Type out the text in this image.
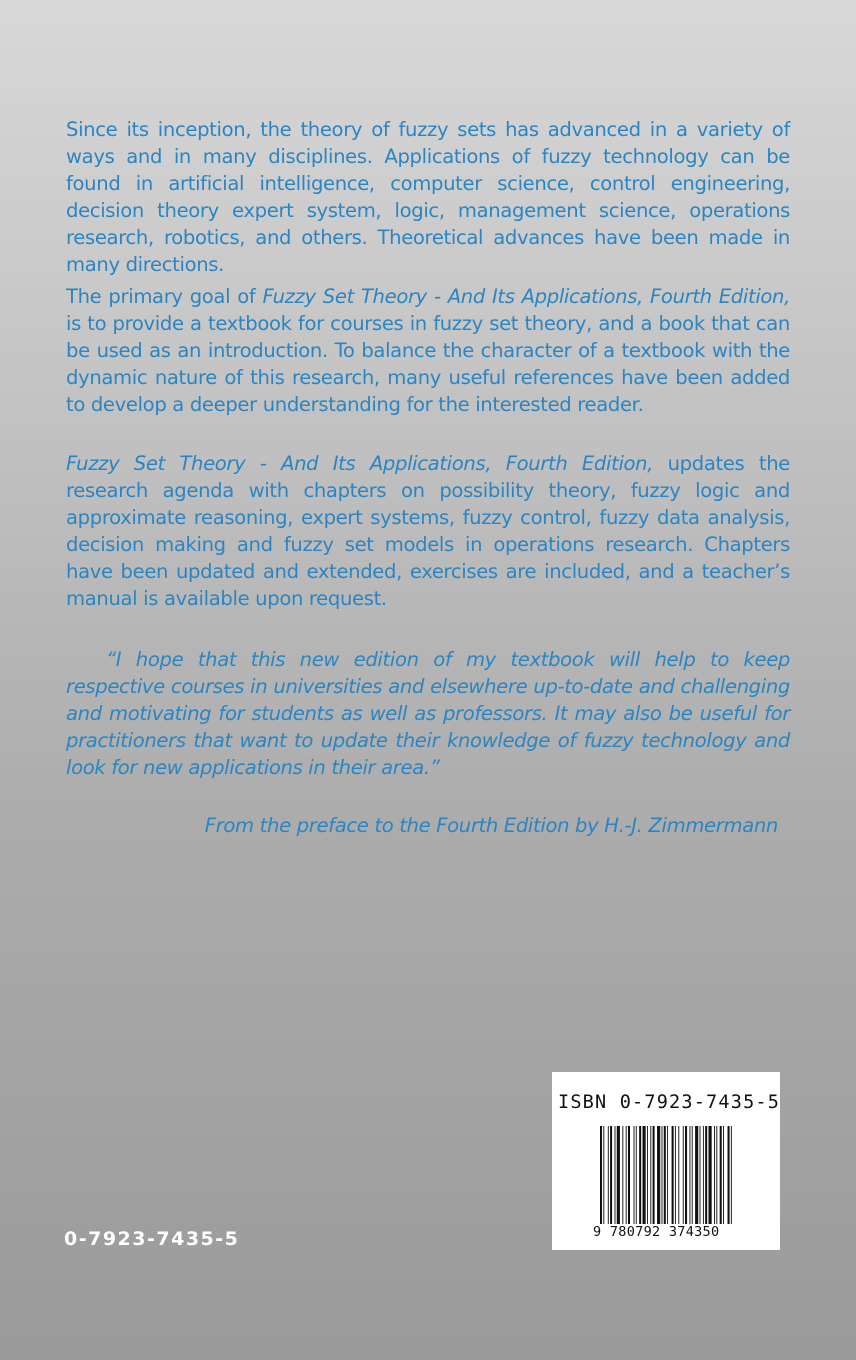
Since its inception, the theory of fuzzy sets has advanced in a variety of ways and in many disciplines. Applications of fuzzy technology can be found in artificial intelligence, computer science, control engineering, decision theory expert system, logic, management science, operations research, robotics, and others. Theoretical advances have been made in many directions.

The primary goal of Fuzzy Set Theory - And Its Applications, Fourth Edition, is to provide a textbook for courses in fuzzy set theory, and a book that can be used as an introduction. To balance the character of a textbook with the dynamic nature of this research, many useful references have been added to develop a deeper understanding for the interested reader.

Fuzzy Set Theory - And Its Applications, Fourth Edition, updates the research agenda with chapters on possibility theory, fuzzy logic and approximate reasoning, expert systems, fuzzy control, fuzzy data analysis, decision making and fuzzy set models in operations research. Chapters have been updated and extended, exercises are included, and a teacher’s manual is available upon request.

“I hope that this new edition of my textbook will help to keep respective courses in universities and elsewhere up-to-date and challenging and motivating for students as well as professors. It may also be useful for practitioners that want to update their knowledge of fuzzy technology and look for new applications in their area.”

From the preface to the Fourth Edition by H.-J. Zimmermann
0-7923-7435-5
ISBN 0-7923-7435-5
9 780792 374350
